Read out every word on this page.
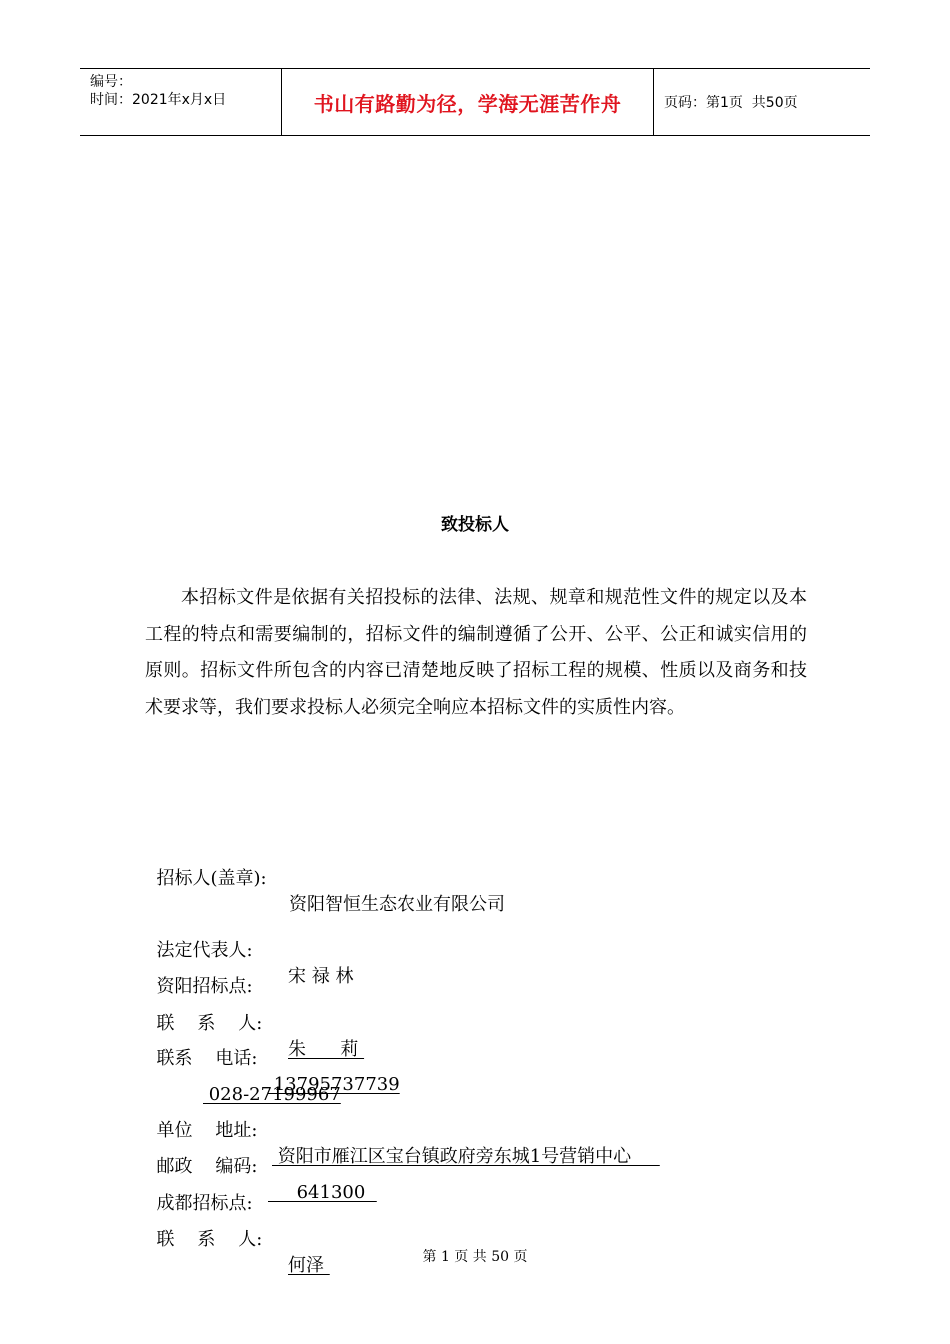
编号：
时间：2021年x月x日	书山有路勤为径，学海无涯苦作舟	页码：第1页  共50页
致投标人
本招标文件是依据有关招投标的法律、法规、规章和规范性文件的规定以及本工程的特点和需要编制的，招标文件的编制遵循了公开、公平、公正和诚实信用的原则。招标文件所包含的内容已清楚地反映了招标工程的规模、性质以及商务和技术要求等，我们要求投标人必须完全响应本招标文件的实质性内容。

招标人(盖章):

资阳智恒生态农业有限公司

法定代表人:

宋 禄 林

资阳招标点:

联    系    人:

朱      莉

联系    电话:

13795737739

028-27199967

单位    地址:

资阳市雁江区宝台镇政府旁东城1号营销中心

邮政    编码:

641300

成都招标点:

联    系    人:

何泽	第 1 页 共 50 页
